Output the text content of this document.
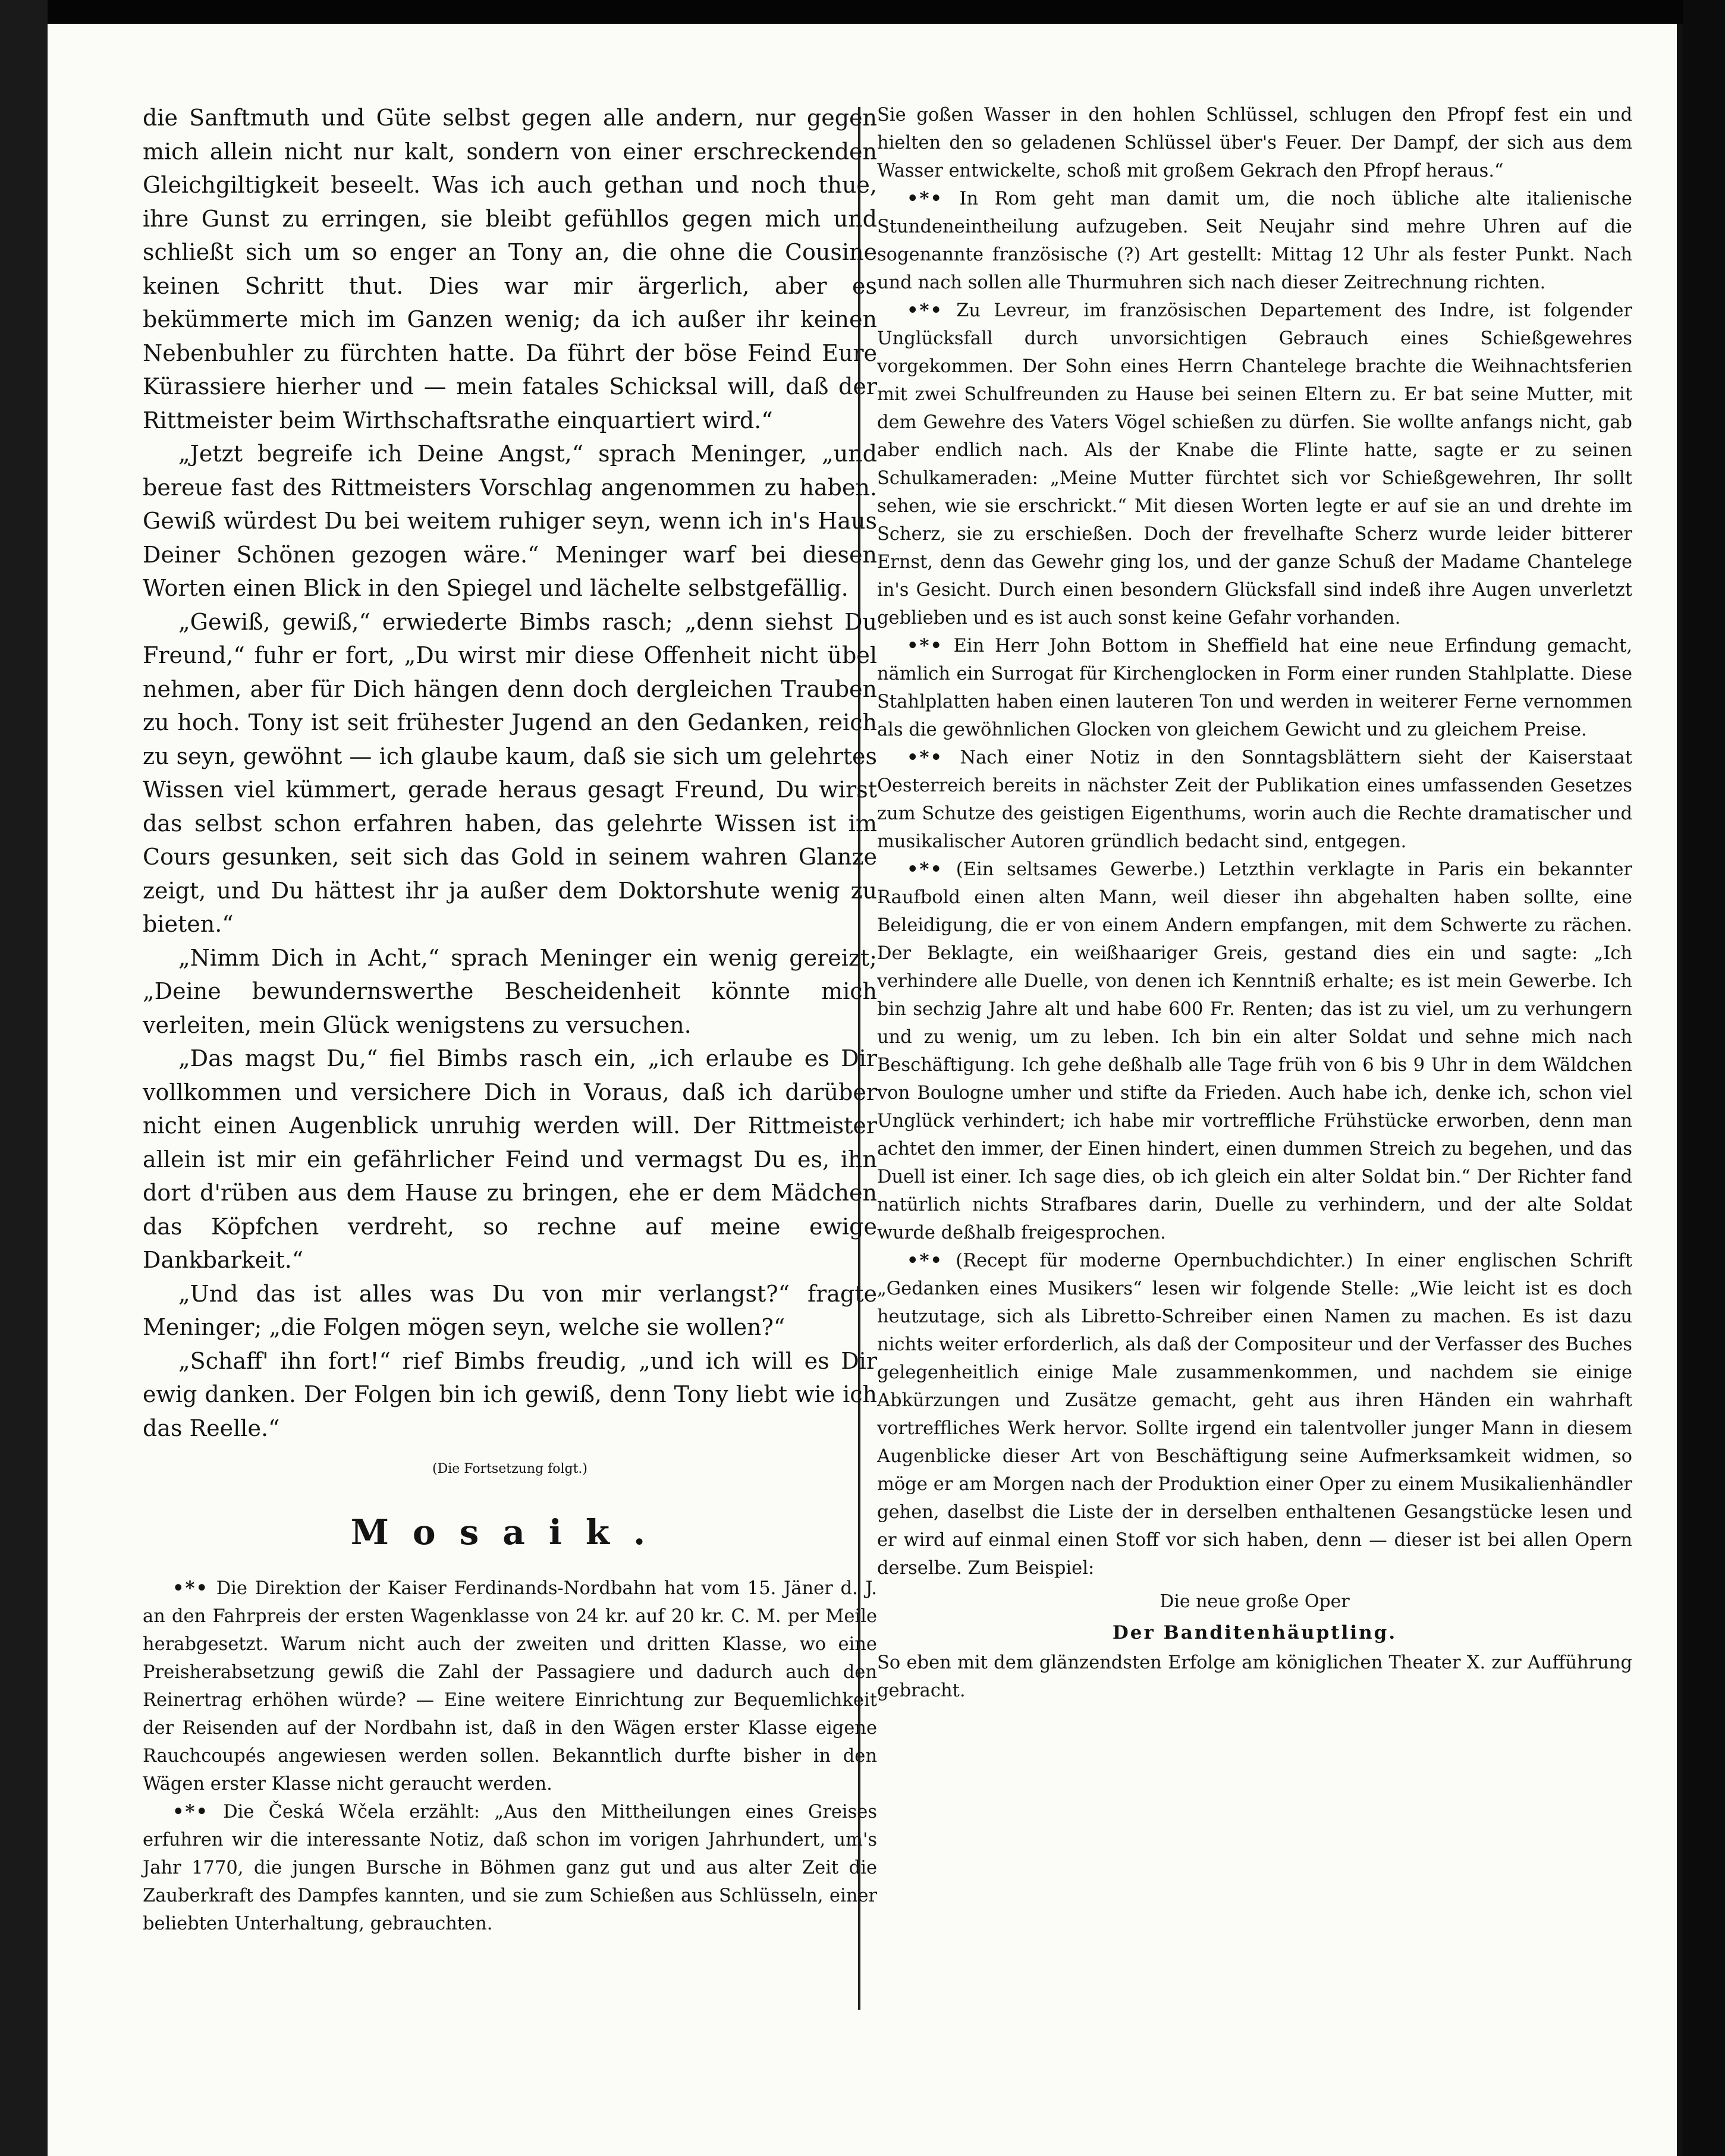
die Sanftmuth und Güte selbst gegen alle andern, nur gegen mich allein nicht nur kalt, sondern von einer erschreckenden Gleichgiltigkeit beseelt. Was ich auch gethan und noch thue, ihre Gunst zu erringen, sie bleibt gefühllos gegen mich und schließt sich um so enger an Tony an, die ohne die Cousine keinen Schritt thut. Dies war mir ärgerlich, aber es bekümmerte mich im Ganzen wenig; da ich außer ihr keinen Nebenbuhler zu fürchten hatte. Da führt der böse Feind Eure Kürassiere hierher und — mein fatales Schicksal will, daß der Rittmeister beim Wirthschaftsrathe einquartiert wird.“

„Jetzt begreife ich Deine Angst,“ sprach Meninger, „und bereue fast des Rittmeisters Vorschlag angenommen zu haben. Gewiß würdest Du bei weitem ruhiger seyn, wenn ich in's Haus Deiner Schönen gezogen wäre.“ Meninger warf bei diesen Worten einen Blick in den Spiegel und lächelte selbstgefällig.

„Gewiß, gewiß,“ erwiederte Bimbs rasch; „denn siehst Du Freund,“ fuhr er fort, „Du wirst mir diese Offenheit nicht übel nehmen, aber für Dich hängen denn doch dergleichen Trauben zu hoch. Tony ist seit frühester Jugend an den Gedanken, reich zu seyn, gewöhnt — ich glaube kaum, daß sie sich um gelehrtes Wissen viel kümmert, gerade heraus gesagt Freund, Du wirst das selbst schon erfahren haben, das gelehrte Wissen ist im Cours gesunken, seit sich das Gold in seinem wahren Glanze zeigt, und Du hättest ihr ja außer dem Doktorshute wenig zu bieten.“

„Nimm Dich in Acht,“ sprach Meninger ein wenig gereizt; „Deine bewundernswerthe Bescheidenheit könnte mich verleiten, mein Glück wenigstens zu versuchen.

„Das magst Du,“ fiel Bimbs rasch ein, „ich erlaube es Dir vollkommen und versichere Dich in Voraus, daß ich darüber nicht einen Augenblick unruhig werden will. Der Rittmeister allein ist mir ein gefährlicher Feind und vermagst Du es, ihn dort d'rüben aus dem Hause zu bringen, ehe er dem Mädchen das Köpfchen verdreht, so rechne auf meine ewige Dankbarkeit.“

„Und das ist alles was Du von mir verlangst?“ fragte Meninger; „die Folgen mögen seyn, welche sie wollen?“

„Schaff' ihn fort!“ rief Bimbs freudig, „und ich will es Dir ewig danken. Der Folgen bin ich gewiß, denn Tony liebt wie ich das Reelle.“

(Die Fortsetzung folgt.)

Mosaik.

•*• Die Direktion der Kaiser Ferdinands-Nordbahn hat vom 15. Jäner d. J. an den Fahrpreis der ersten Wagenklasse von 24 kr. auf 20 kr. C. M. per Meile herabgesetzt. Warum nicht auch der zweiten und dritten Klasse, wo eine Preisherabsetzung gewiß die Zahl der Passagiere und dadurch auch den Reinertrag erhöhen würde? — Eine weitere Einrichtung zur Bequemlichkeit der Reisenden auf der Nordbahn ist, daß in den Wägen erster Klasse eigene Rauchcoupés angewiesen werden sollen. Bekanntlich durfte bisher in den Wägen erster Klasse nicht geraucht werden.

•*• Die Česká Wčela erzählt: „Aus den Mittheilungen eines Greises erfuhren wir die interessante Notiz, daß schon im vorigen Jahrhundert, um's Jahr 1770, die jungen Bursche in Böhmen ganz gut und aus alter Zeit die Zauberkraft des Dampfes kannten, und sie zum Schießen aus Schlüsseln, einer beliebten Unterhaltung, gebrauchten.

Sie goßen Wasser in den hohlen Schlüssel, schlugen den Pfropf fest ein und hielten den so geladenen Schlüssel über's Feuer. Der Dampf, der sich aus dem Wasser entwickelte, schoß mit großem Gekrach den Pfropf heraus.“

•*• In Rom geht man damit um, die noch übliche alte italienische Stundeneintheilung aufzugeben. Seit Neujahr sind mehre Uhren auf die sogenannte französische (?) Art gestellt: Mittag 12 Uhr als fester Punkt. Nach und nach sollen alle Thurmuhren sich nach dieser Zeitrechnung richten.

•*• Zu Levreur, im französischen Departement des Indre, ist folgender Unglücksfall durch unvorsichtigen Gebrauch eines Schießgewehres vorgekommen. Der Sohn eines Herrn Chantelege brachte die Weihnachtsferien mit zwei Schulfreunden zu Hause bei seinen Eltern zu. Er bat seine Mutter, mit dem Gewehre des Vaters Vögel schießen zu dürfen. Sie wollte anfangs nicht, gab aber endlich nach. Als der Knabe die Flinte hatte, sagte er zu seinen Schulkameraden: „Meine Mutter fürchtet sich vor Schießgewehren, Ihr sollt sehen, wie sie erschrickt.“ Mit diesen Worten legte er auf sie an und drehte im Scherz, sie zu erschießen. Doch der frevelhafte Scherz wurde leider bitterer Ernst, denn das Gewehr ging los, und der ganze Schuß der Madame Chantelege in's Gesicht. Durch einen besondern Glücksfall sind indeß ihre Augen unverletzt geblieben und es ist auch sonst keine Gefahr vorhanden.

•*• Ein Herr John Bottom in Sheffield hat eine neue Erfindung gemacht, nämlich ein Surrogat für Kirchenglocken in Form einer runden Stahlplatte. Diese Stahlplatten haben einen lauteren Ton und werden in weiterer Ferne vernommen als die gewöhnlichen Glocken von gleichem Gewicht und zu gleichem Preise.

•*• Nach einer Notiz in den Sonntagsblättern sieht der Kaiserstaat Oesterreich bereits in nächster Zeit der Publikation eines umfassenden Gesetzes zum Schutze des geistigen Eigenthums, worin auch die Rechte dramatischer und musikalischer Autoren gründlich bedacht sind, entgegen.

•*• (Ein seltsames Gewerbe.) Letzthin verklagte in Paris ein bekannter Raufbold einen alten Mann, weil dieser ihn abgehalten haben sollte, eine Beleidigung, die er von einem Andern empfangen, mit dem Schwerte zu rächen. Der Beklagte, ein weißhaariger Greis, gestand dies ein und sagte: „Ich verhindere alle Duelle, von denen ich Kenntniß erhalte; es ist mein Gewerbe. Ich bin sechzig Jahre alt und habe 600 Fr. Renten; das ist zu viel, um zu verhungern und zu wenig, um zu leben. Ich bin ein alter Soldat und sehne mich nach Beschäftigung. Ich gehe deßhalb alle Tage früh von 6 bis 9 Uhr in dem Wäldchen von Boulogne umher und stifte da Frieden. Auch habe ich, denke ich, schon viel Unglück verhindert; ich habe mir vortreffliche Frühstücke erworben, denn man achtet den immer, der Einen hindert, einen dummen Streich zu begehen, und das Duell ist einer. Ich sage dies, ob ich gleich ein alter Soldat bin.“ Der Richter fand natürlich nichts Strafbares darin, Duelle zu verhindern, und der alte Soldat wurde deßhalb freigesprochen.

•*• (Recept für moderne Opernbuchdichter.) In einer englischen Schrift „Gedanken eines Musikers“ lesen wir folgende Stelle: „Wie leicht ist es doch heutzutage, sich als Libretto-Schreiber einen Namen zu machen. Es ist dazu nichts weiter erforderlich, als daß der Compositeur und der Verfasser des Buches gelegenheitlich einige Male zusammenkommen, und nachdem sie einige Abkürzungen und Zusätze gemacht, geht aus ihren Händen ein wahrhaft vortreffliches Werk hervor. Sollte irgend ein talentvoller junger Mann in diesem Augenblicke dieser Art von Beschäftigung seine Aufmerksamkeit widmen, so möge er am Morgen nach der Produktion einer Oper zu einem Musikalienhändler gehen, daselbst die Liste der in derselben enthaltenen Gesangstücke lesen und er wird auf einmal einen Stoff vor sich haben, denn — dieser ist bei allen Opern derselbe. Zum Beispiel:

Die neue große Oper

Der Banditenhäuptling.

So eben mit dem glänzendsten Erfolge am königlichen Theater X. zur Aufführung gebracht.
